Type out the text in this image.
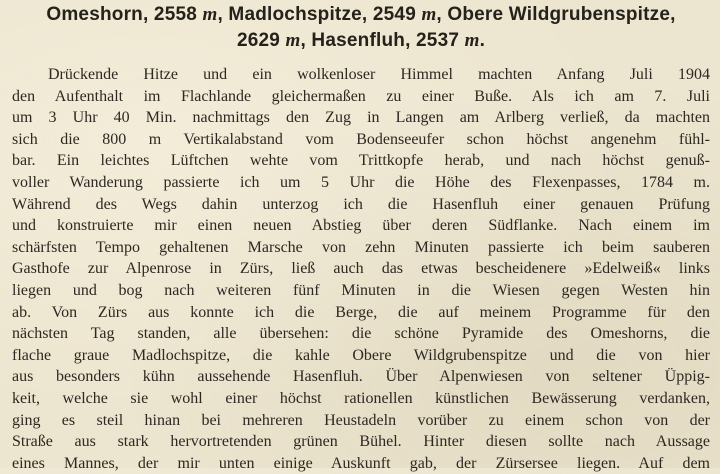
Omeshorn, 2558 m, Madlochspitze, 2549 m, Obere Wildgrubenspitze,
2629 m, Hasenfluh, 2537 m.
Drückende Hitze und ein wolkenloser Himmel machten Anfang Juli 1904
den Aufenthalt im Flachlande gleichermaßen zu einer Buße. Als ich am 7. Juli
um 3 Uhr 40 Min. nachmittags den Zug in Langen am Arlberg verließ, da machten
sich die 800 m Vertikalabstand vom Bodenseeufer schon höchst angenehm fühl-
bar. Ein leichtes Lüftchen wehte vom Trittkopfe herab, und nach höchst genuß-
voller Wanderung passierte ich um 5 Uhr die Höhe des Flexenpasses, 1784 m.
Während des Wegs dahin unterzog ich die Hasenfluh einer genauen Prüfung
und konstruierte mir einen neuen Abstieg über deren Südflanke. Nach einem im
schärfsten Tempo gehaltenen Marsche von zehn Minuten passierte ich beim sauberen
Gasthofe zur Alpenrose in Zürs, ließ auch das etwas bescheidenere »Edelweiß« links
liegen und bog nach weiteren fünf Minuten in die Wiesen gegen Westen hin
ab. Von Zürs aus konnte ich die Berge, die auf meinem Programme für den
nächsten Tag standen, alle übersehen: die schöne Pyramide des Omeshorns, die
flache graue Madlochspitze, die kahle Obere Wildgrubenspitze und die von hier
aus besonders kühn aussehende Hasenfluh. Über Alpenwiesen von seltener Üppig-
keit, welche sie wohl einer höchst rationellen künstlichen Bewässerung verdanken,
ging es steil hinan bei mehreren Heustadeln vorüber zu einem schon von der
Straße aus stark hervortretenden grünen Bühel. Hinter diesen sollte nach Aussage
eines Mannes, der mir unten einige Auskunft gab, der Zürsersee liegen. Auf dem
